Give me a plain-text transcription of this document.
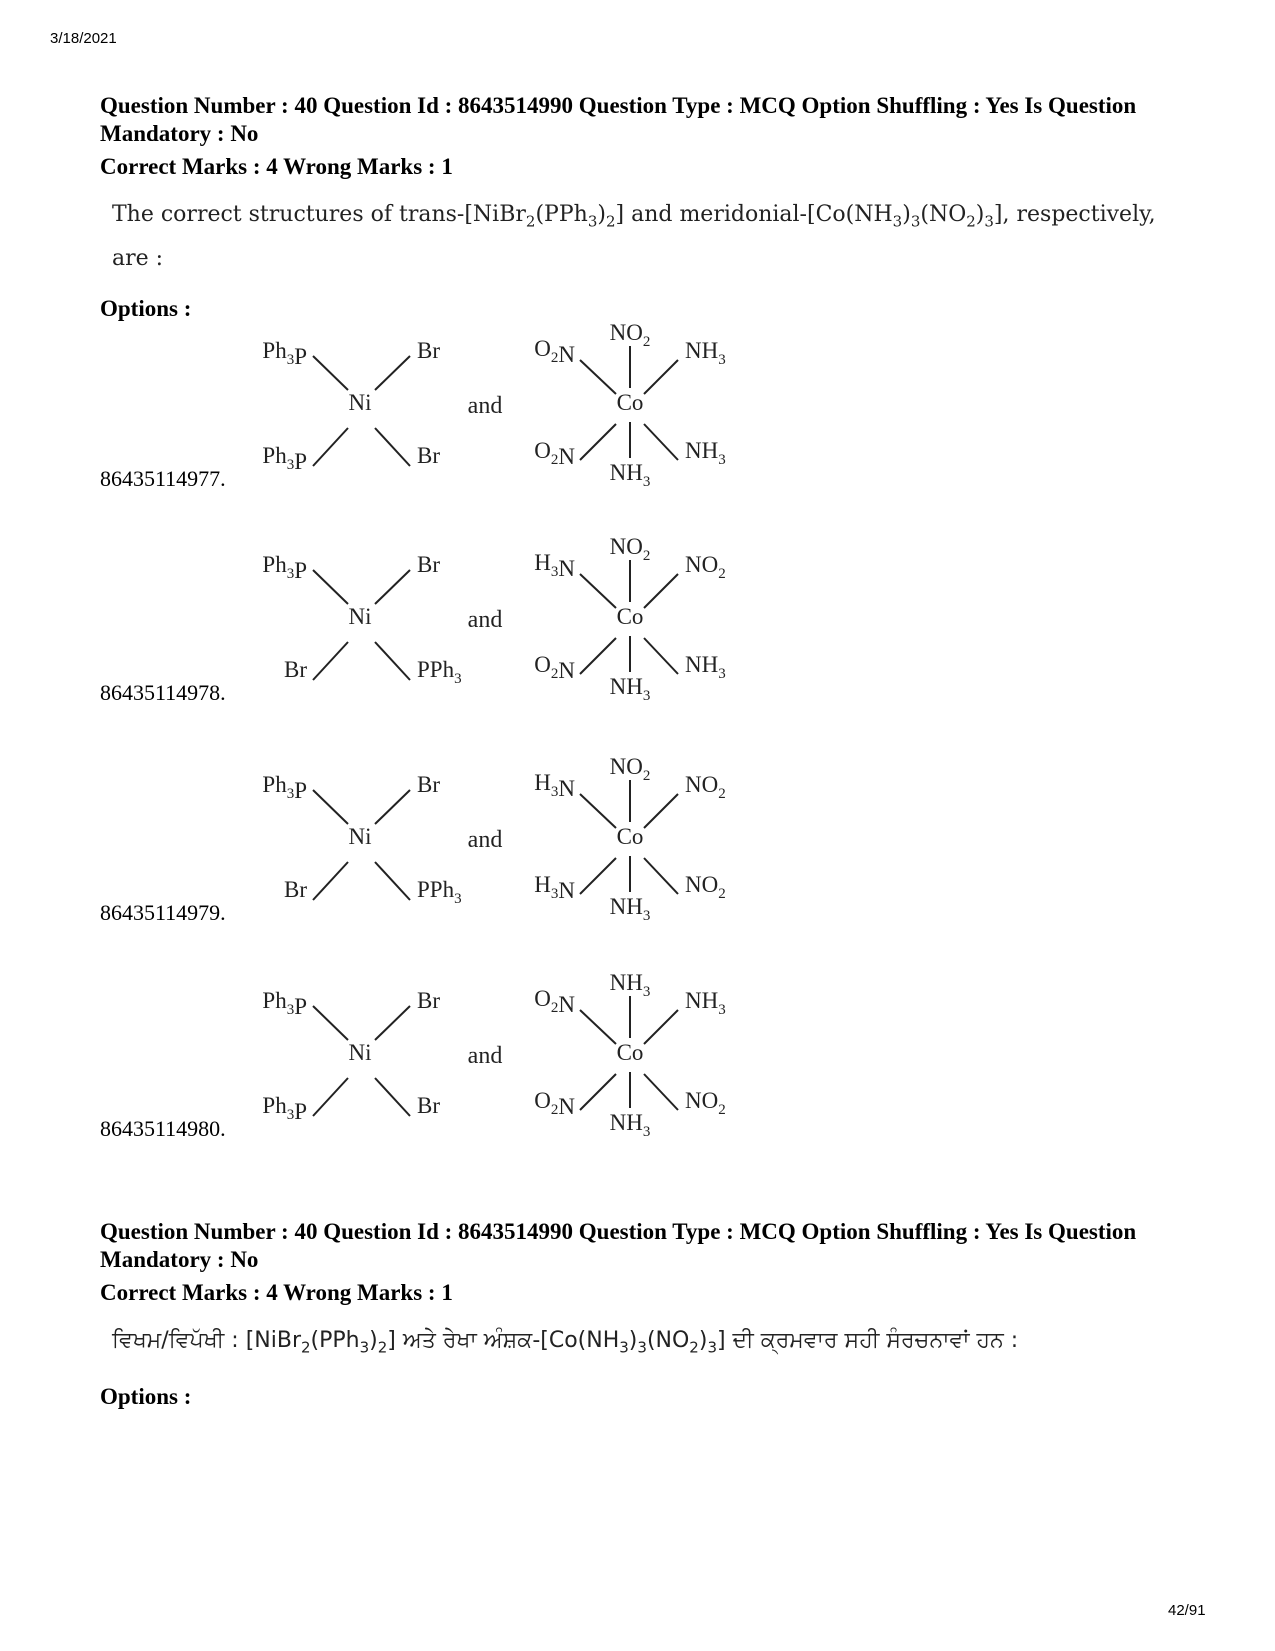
3/18/2021
Question Number : 40 Question Id : 8643514990 Question Type : MCQ Option Shuffling : Yes Is Question Mandatory : No
Correct Marks : 4 Wrong Marks : 1
The correct structures of trans-$[NiBr_2(PPh_3)_2]$ and meridonial-$[Co(NH_3)_3(NO_2)_3]$, respectively, are :
Options :
Ni
$Ph_3P$	Br
$Ph_3P$	Br
and	Co
$NO_2$
$NH_3$
$O_2N$	$NH_3$
$O_2N$	$NH_3$
86435114977.
Ni
$Ph_3P$	Br
Br	PPh$_3$
and	Co
$NO_2$
$NH_3$
$H_3N$	$NO_2$
$O_2N$	$NH_3$
86435114978.
Ni
$Ph_3P$	Br
Br	PPh$_3$
and	Co
$NO_2$
$NH_3$
$H_3N$	$NO_2$
$H_3N$	$NO_2$
86435114979.
Ni
$Ph_3P$	Br
$Ph_3P$	Br
and	Co
$NH_3$
$NH_3$
$O_2N$	$NH_3$
$O_2N$	$NO_2$
86435114980.
Question Number : 40 Question Id : 8643514990 Question Type : MCQ Option Shuffling : Yes Is Question Mandatory : No
Correct Marks : 4 Wrong Marks : 1
ਵਿਖਮ/ਵਿਪੱਖੀ : $[NiBr_2(PPh_3)_2]$ ਅਤੇ ਰੇਖਾ $ਅੰਸ਼ਕ-[Co(NH_3)_3(NO_2)_3]$ ਦੀ ਕ੍ਰਮਵਾਰ ਸਹੀ ਸੰਰਚਨਾਵਾਂ ਹਨ :
Options :
42/91
